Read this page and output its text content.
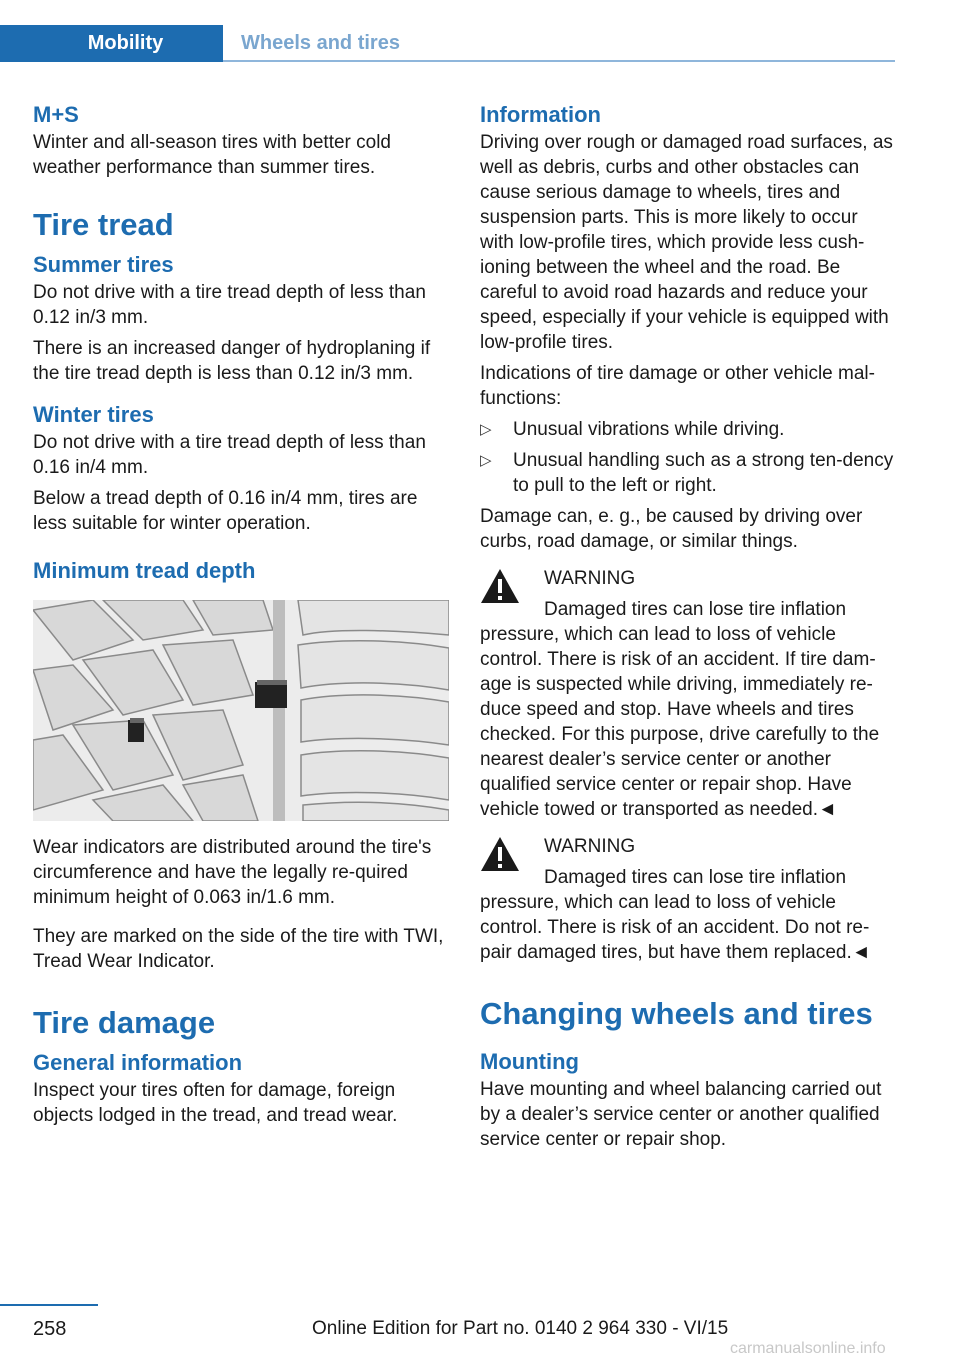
Mobility	Wheels and tires
M+S

Winter and all-season tires with better cold weather performance than summer tires.

Tire tread
Summer tires

Do not drive with a tire tread depth of less than 0.12 in/3 mm.

There is an increased danger of hydroplaning if the tire tread depth is less than 0.12 in/3 mm.

Winter tires

Do not drive with a tire tread depth of less than 0.16 in/4 mm.

Below a tread depth of 0.16 in/4 mm, tires are less suitable for winter operation.

Minimum tread depth

Wear indicators are distributed around the tire's circumference and have the legally re‐quired minimum height of 0.063 in/1.6 mm.

They are marked on the side of the tire with TWI, Tread Wear Indicator.

Tire damage
General information

Inspect your tires often for damage, foreign objects lodged in the tread, and tread wear.

Information

Driving over rough or damaged road surfaces, as well as debris, curbs and other obstacles can cause serious damage to wheels, tires and suspension parts. This is more likely to occur with low-profile tires, which provide less cush‐ioning between the wheel and the road. Be careful to avoid road hazards and reduce your speed, especially if your vehicle is equipped with low-profile tires.

Indications of tire damage or other vehicle mal‐functions:

▷ Unusual vibrations while driving.
▷ Unusual handling such as a strong ten‐dency to pull to the left or right.

Damage can, e. g., be caused by driving over curbs, road damage, or similar things.

WARNING
Damaged tires can lose tire inflation pressure, which can lead to loss of vehicle control. There is risk of an accident. If tire dam‐age is suspected while driving, immediately re‐duce speed and stop. Have wheels and tires checked. For this purpose, drive carefully to the nearest dealer’s service center or another qualified service center or repair shop. Have vehicle towed or transported as needed.◄
WARNING
Damaged tires can lose tire inflation pressure, which can lead to loss of vehicle control. There is risk of an accident. Do not re‐pair damaged tires, but have them replaced.◄
Changing wheels and tires
Mounting

Have mounting and wheel balancing carried out by a dealer’s service center or another qualified service center or repair shop.

258	Online Edition for Part no. 0140 2 964 330 - VI/15
carmanualsonline.info
